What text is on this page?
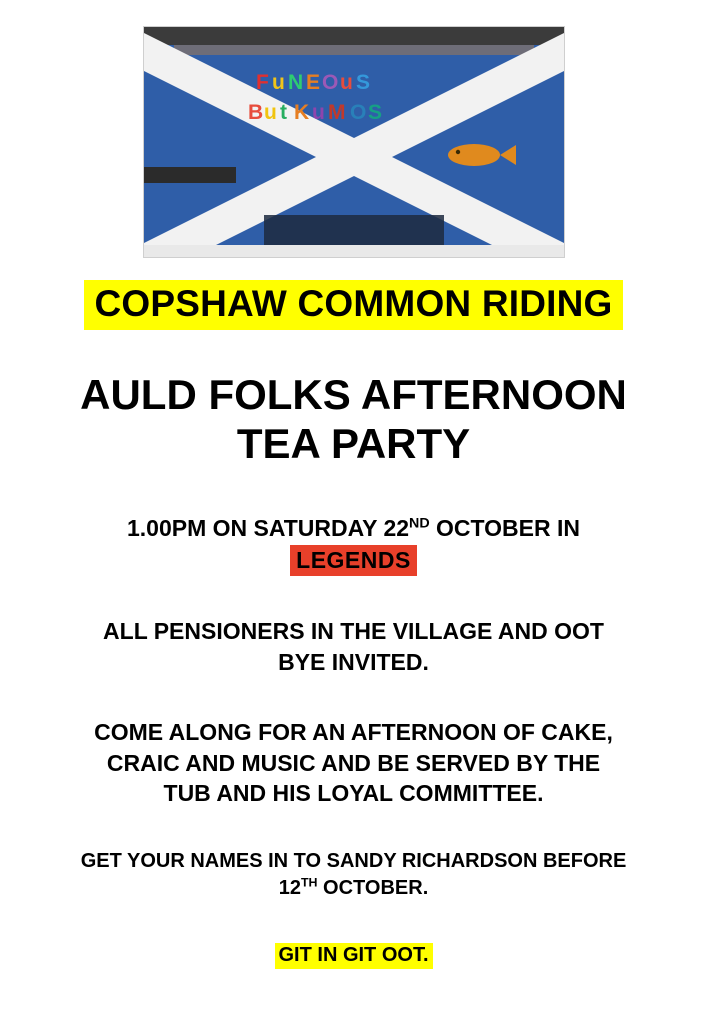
F u N E O u S
B u t K u M O S
COPSHAW COMMON RIDING
AULD FOLKS AFTERNOON
TEA PARTY
1.00PM ON SATURDAY 22ND OCTOBER IN
LEGENDS
ALL PENSIONERS IN THE VILLAGE AND OOT
BYE INVITED.
COME ALONG FOR AN AFTERNOON OF CAKE,
CRAIC AND MUSIC AND BE SERVED BY THE
TUB AND HIS LOYAL COMMITTEE.
GET YOUR NAMES IN TO SANDY RICHARDSON BEFORE
12TH OCTOBER.
GIT IN GIT OOT.
